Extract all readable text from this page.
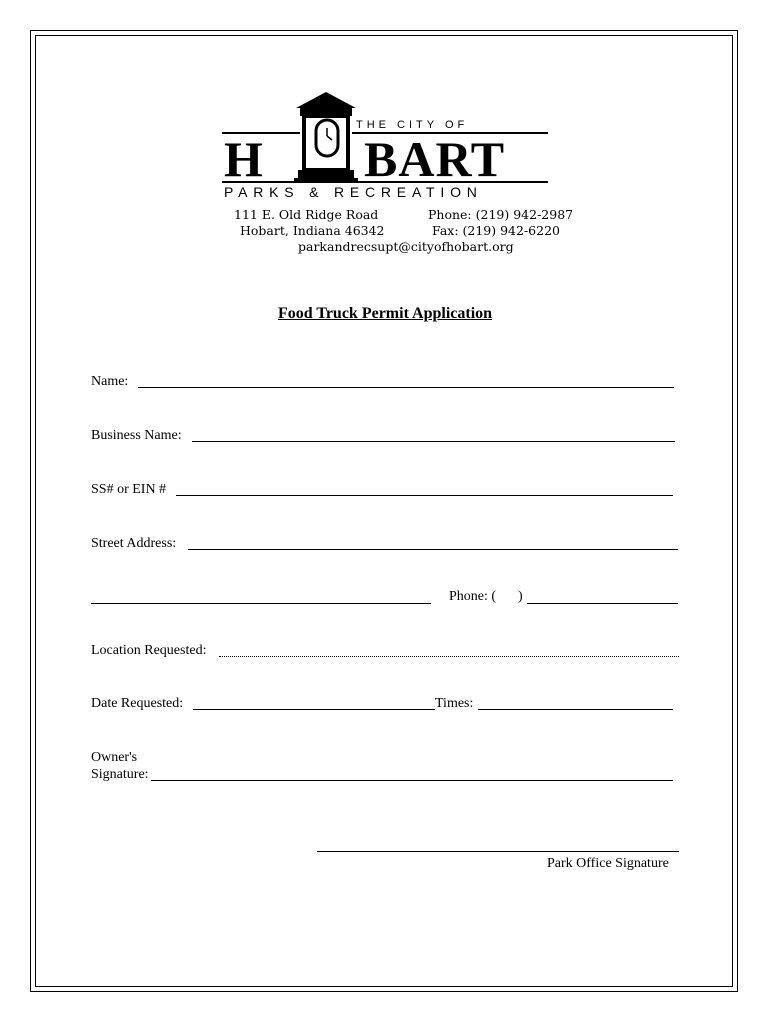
THE CITY OF
H BART
PARKS & RECREATION
111 E. Old Ridge Road
Hobart, Indiana 46342
Phone: (219) 942-2987
Fax: (219) 942-6220
parkandrecsupt@cityofhobart.org
Food Truck Permit Application
Name:
Business Name:
SS# or EIN #
Street Address:
Phone: ( )
Location Requested:
Date Requested:	Times:
Owner's
Signature:
Park Office Signature
